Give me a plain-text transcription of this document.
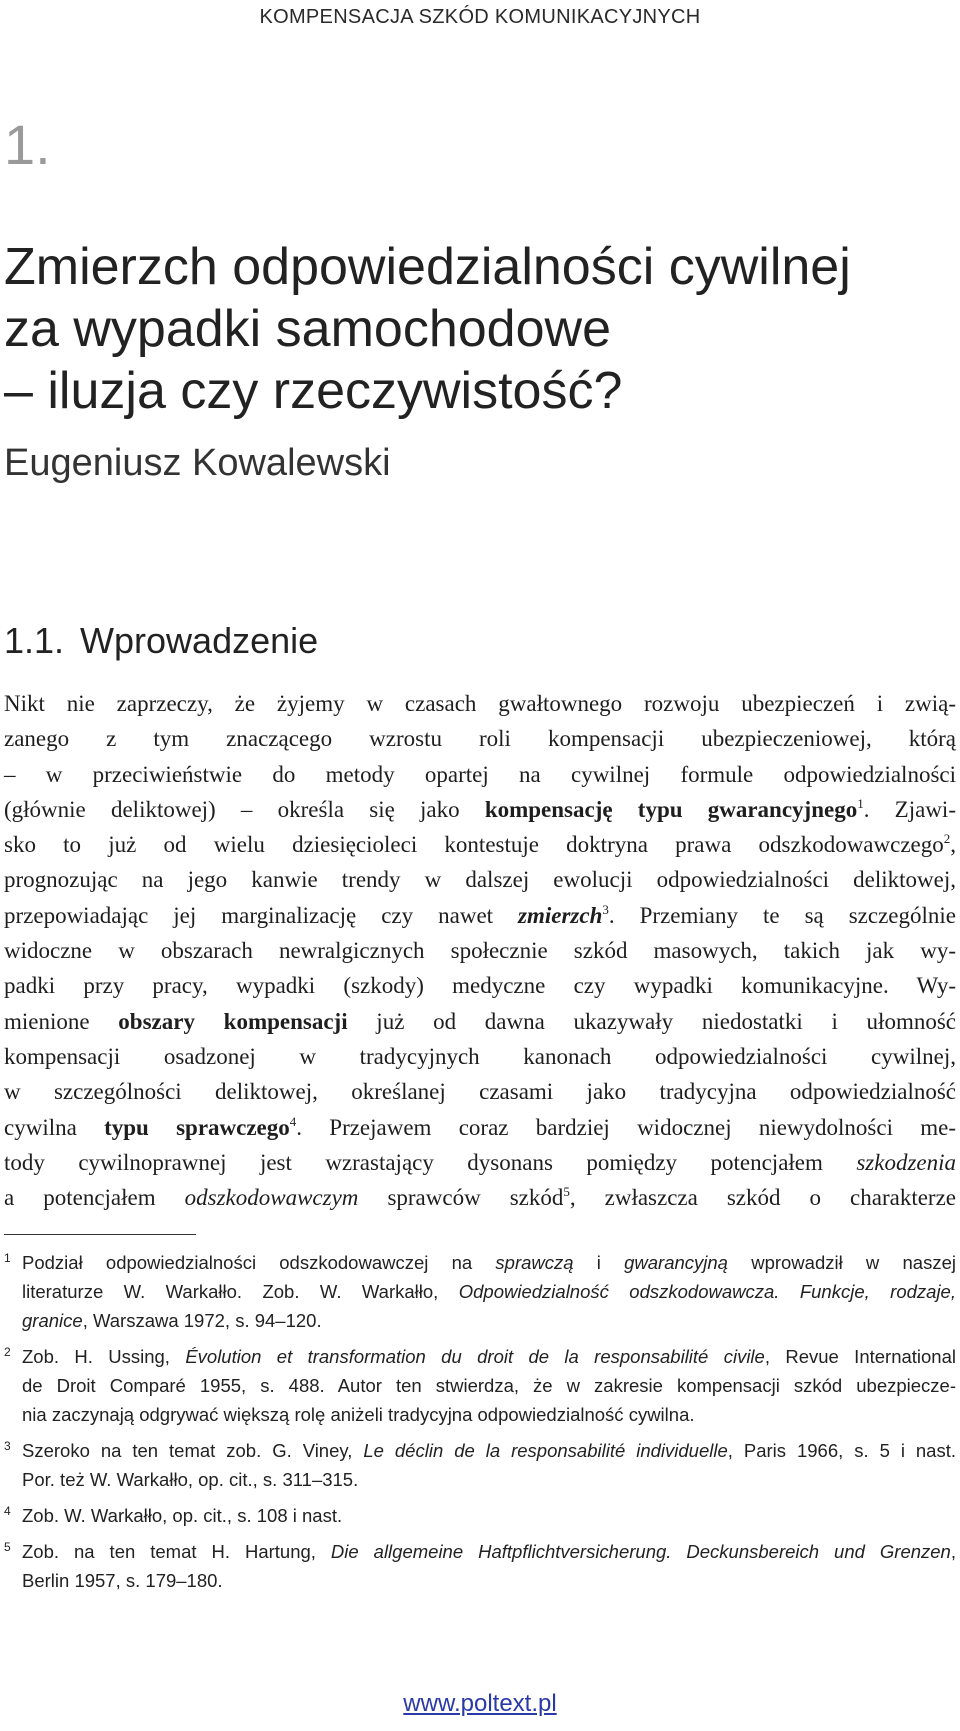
KOMPENSACJA SZKÓD KOMUNIKACYJNYCH
1.
Zmierzch odpowiedzialności cywilnej
za wypadki samochodowe
– iluzja czy rzeczywistość?
Eugeniusz Kowalewski
1.1. Wprowadzenie
Nikt nie zaprzeczy, że żyjemy w czasach gwałtownego rozwoju ubezpieczeń i zwią-
zanego z tym znaczącego wzrostu roli kompensacji ubezpieczeniowej, którą
– w przeciwieństwie do metody opartej na cywilnej formule odpowiedzialności
(głównie deliktowej) – określa się jako kompensację typu gwarancyjnego$^1$. Zjawi-
sko to już od wielu dziesięcioleci kontestuje doktryna prawa odszkodowawczego$^2$,
prognozując na jego kanwie trendy w dalszej ewolucji odpowiedzialności deliktowej,
przepowiadając jej marginalizację czy nawet zmierzch$^3$. Przemiany te są szczególnie
widoczne w obszarach newralgicznych społecznie szkód masowych, takich jak wy-
padki przy pracy, wypadki (szkody) medyczne czy wypadki komunikacyjne. Wy-
mienione obszary kompensacji już od dawna ukazywały niedostatki i ułomność
kompensacji osadzonej w tradycyjnych kanonach odpowiedzialności cywilnej,
w szczególności deliktowej, określanej czasami jako tradycyjna odpowiedzialność
cywilna typu sprawczego$^4$. Przejawem coraz bardziej widocznej niewydolności me-
tody cywilnoprawnej jest wzrastający dysonans pomiędzy potencjałem szkodzenia
a potencjałem odszkodowawczym sprawców szkód$^5$, zwłaszcza szkód o charakterze
1 Podział odpowiedzialności odszkodowawczej na sprawczą i gwarancyjną wprowadził w naszej
literaturze W. Warkałło. Zob. W. Warkałło, Odpowiedzialność odszkodowawcza. Funkcje, rodzaje,
granice, Warszawa 1972, s. 94–120.
2 Zob. H. Ussing, Évolution et transformation du droit de la responsabilité civile, Revue International
de Droit Comparé 1955, s. 488. Autor ten stwierdza, że w zakresie kompensacji szkód ubezpiecze-
nia zaczynają odgrywać większą rolę aniżeli tradycyjna odpowiedzialność cywilna.
3 Szeroko na ten temat zob. G. Viney, Le déclin de la responsabilité individuelle, Paris 1966, s. 5 i nast.
Por. też W. Warkałło, op. cit., s. 311–315.
4 Zob. W. Warkałło, op. cit., s. 108 i nast.
5 Zob. na ten temat H. Hartung, Die allgemeine Haftpflichtversicherung. Deckunsbereich und Grenzen,
Berlin 1957, s. 179–180.
www.poltext.pl
